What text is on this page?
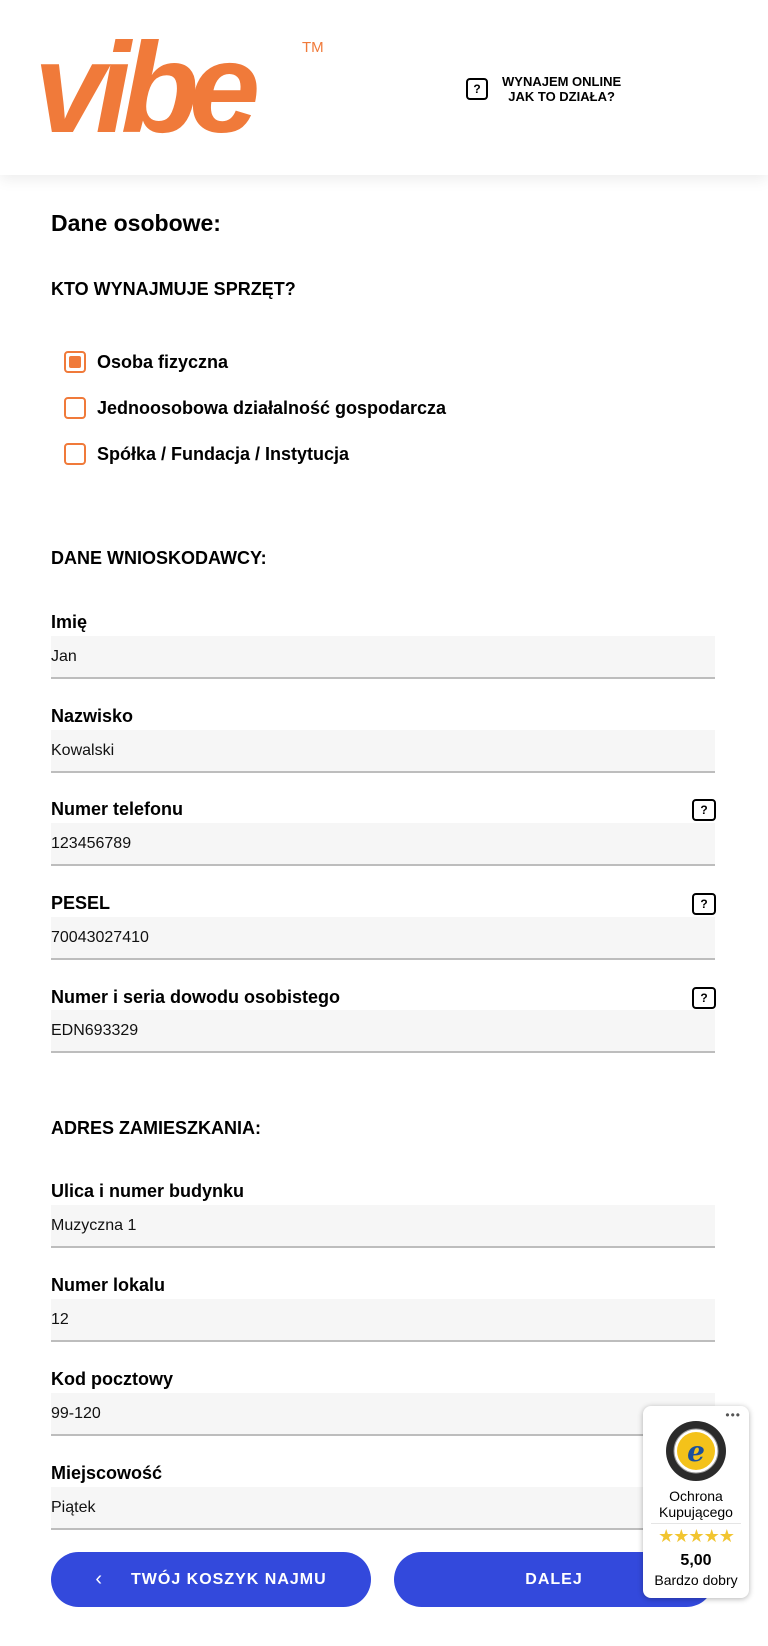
vibe	TM
?	WYNAJEM ONLINE
JAK TO DZIAŁA?
Dane osobowe:
KTO WYNAJMUJE SPRZĘT?
Osoba fizyczna
Jednoosobowa działalność gospodarcza
Spółka / Fundacja / Instytucja
DANE WNIOSKODAWCY:
Imię
Jan
Nazwisko
Kowalski
Numer telefonu	?
123456789
PESEL	?
70043027410
Numer i seria dowodu osobistego	?
EDN693329
ADRES ZAMIESZKANIA:
Ulica i numer budynku
Muzyczna 1
Numer lokalu
12
Kod pocztowy
99-120
Miejscowość
Piątek
‹ TWÓJ KOSZYK NAJMU	DALEJ
•••
e
Ochrona
Kupującego
★★★★★
5,00
Bardzo dobry
